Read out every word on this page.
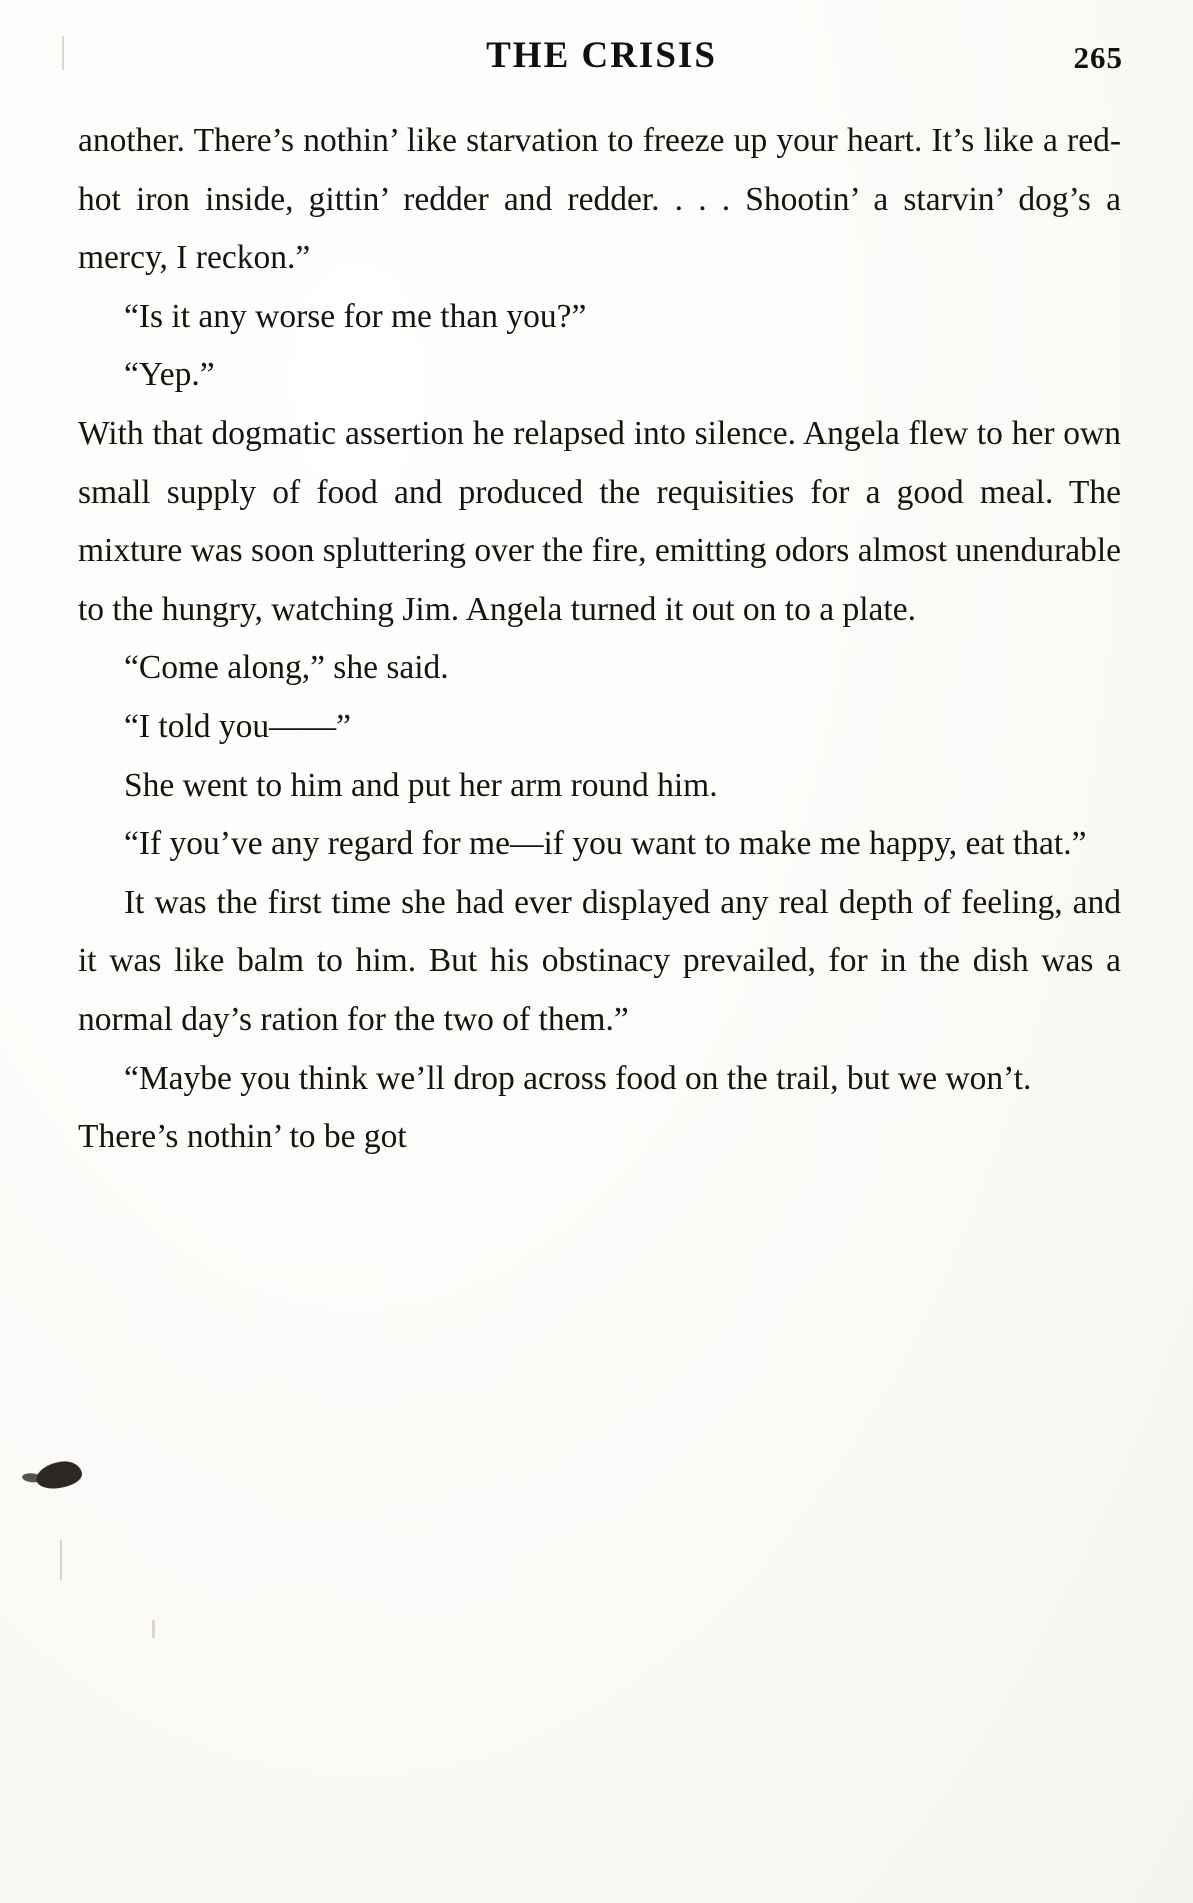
THE CRISIS	265

another. There’s nothin’ like starvation to freeze up your heart. It’s like a red-hot iron inside, gittin’ redder and redder. . . . Shootin’ a starvin’ dog’s a mercy, I reckon.”

“Is it any worse for me than you?”

“Yep.”

With that dogmatic assertion he relapsed into silence. Angela flew to her own small supply of food and produced the requisities for a good meal. The mixture was soon spluttering over the fire, emitting odors almost unendurable to the hungry, watching Jim. Angela turned it out on to a plate.

“Come along,” she said.

“I told you——”

She went to him and put her arm round him.

“If you’ve any regard for me—if you want to make me happy, eat that.”

It was the first time she had ever displayed any real depth of feeling, and it was like balm to him. But his obstinacy prevailed, for in the dish was a normal day’s ration for the two of them.”

“Maybe you think we’ll drop across food on the trail, but we won’t. There’s nothin’ to be got
